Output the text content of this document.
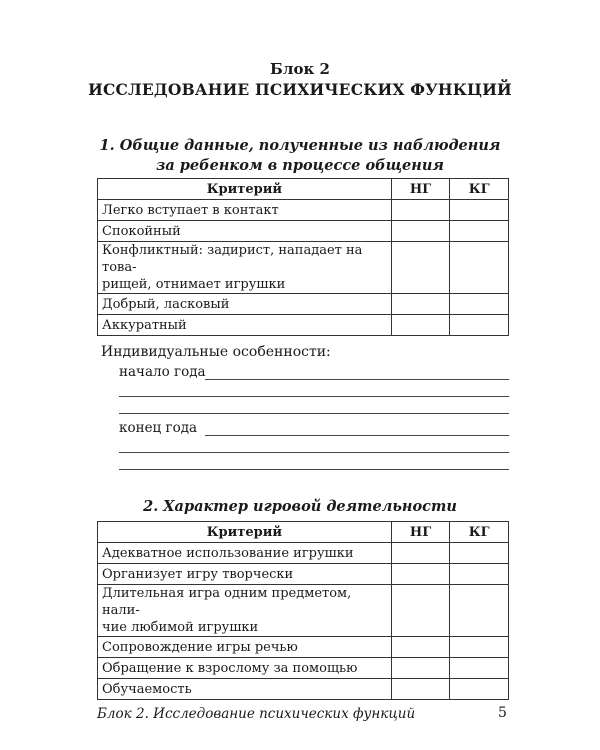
Блок 2
ИССЛЕДОВАНИЕ ПСИХИЧЕСКИХ ФУНКЦИЙ
1. Общие данные, полученные из наблюдения
за ребенком в процессе общения
Критерий	НГ	КГ
Легко вступает в контакт		
Спокойный		

Конфликтный: задирист, нападает на това-
рищей, отнимает игрушки		

Добрый, ласковый		
Аккуратный		
Индивидуальные особенности:
начало года
конец года
2. Характер игровой деятельности
Критерий	НГ	КГ
Адекватное использование игрушки		
Организует игру творчески		

Длительная игра одним предметом, нали-
чие любимой игрушки		

Сопровождение игры речью		
Обращение к взрослому за помощью		
Обучаемость		
Блок 2. Исследование психических функций	5
